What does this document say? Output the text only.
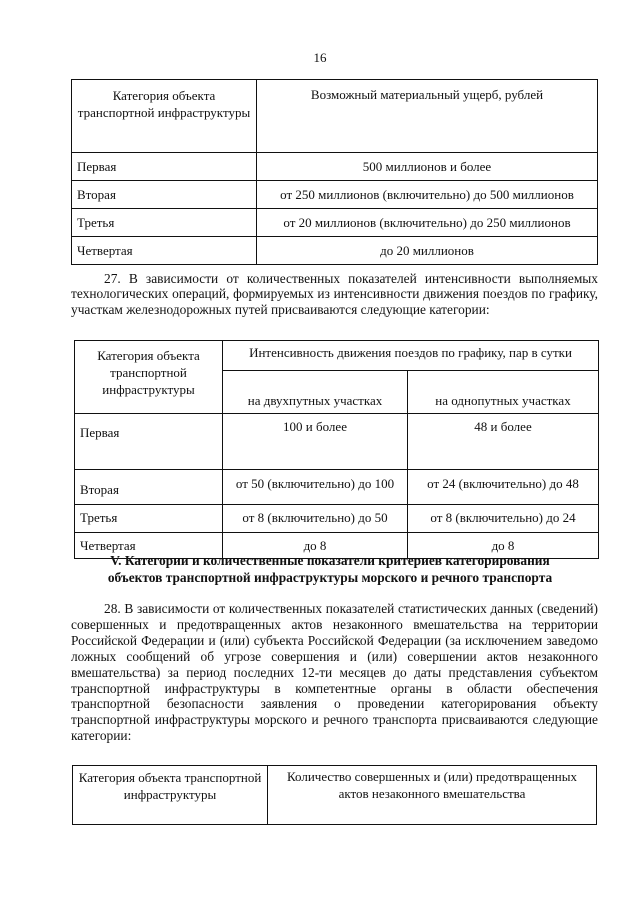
16
Категория объекта транспортной инфраструктуры	Возможный материальный ущерб, рублей
Первая	500 миллионов и более
Вторая	от 250 миллионов (включительно) до 500 миллионов
Третья	от 20 миллионов (включительно) до 250 миллионов
Четвертая	до 20 миллионов
27. В зависимости от количественных показателей интенсивности выполняемых технологических операций, формируемых из интенсивности движения поездов по графику, участкам железнодорожных путей присваиваются следующие категории:
Категория объекта транспортной инфраструктуры	Интенсивность движения поездов по графику, пар в сутки	
	на двухпутных участках	на однопутных участках
Первая	100 и более	48 и более
Вторая	от 50 (включительно) до 100	от 24 (включительно) до 48
Третья	от 8 (включительно) до 50	от 8 (включительно) до 24
Четвертая	до 8	до 8
V. Категории и количественные показатели критериев категорирования
объектов транспортной инфраструктуры морского и речного транспорта
28. В зависимости от количественных показателей статистических данных (сведений) совершенных и предотвращенных актов незаконного вмешательства на территории Российской Федерации и (или) субъекта Российской Федерации (за исключением заведомо ложных сообщений об угрозе совершения и (или) совершении актов незаконного вмешательства) за период последних 12-ти месяцев до даты представления субъектом транспортной инфраструктуры в компетентные органы в области обеспечения транспортной безопасности заявления о проведении категорирования объекту транспортной инфраструктуры морского и речного транспорта присваиваются следующие категории:
Категория объекта транспортной инфраструктуры	Количество совершенных и (или) предотвращенных актов незаконного вмешательства
